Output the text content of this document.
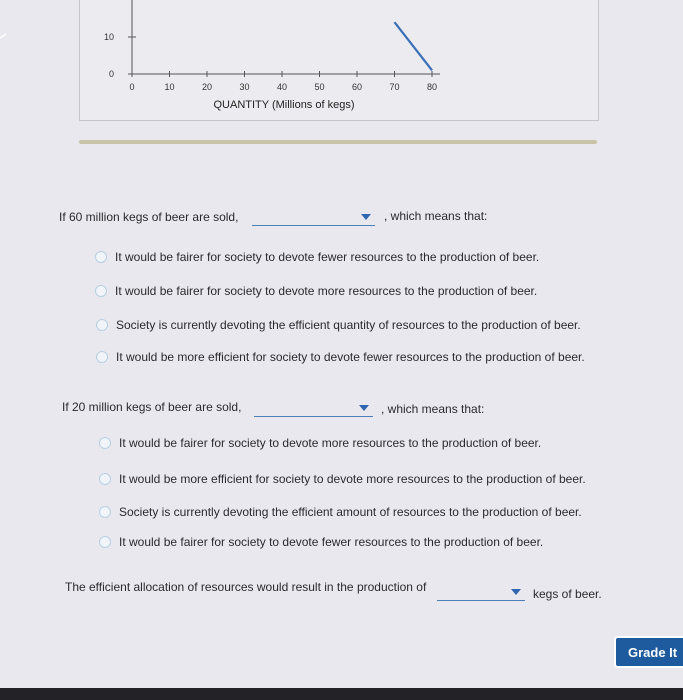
0	10	20	30	40	50	60	70	80
0
10
QUANTITY (Millions of kegs)
If 60 million kegs of beer are sold,	, which means that:
It would be fairer for society to devote fewer resources to the production of beer.
It would be fairer for society to devote more resources to the production of beer.
Society is currently devoting the efficient quantity of resources to the production of beer.
It would be more efficient for society to devote fewer resources to the production of beer.
If 20 million kegs of beer are sold,	, which means that:
It would be fairer for society to devote more resources to the production of beer.
It would be more efficient for society to devote more resources to the production of beer.
Society is currently devoting the efficient amount of resources to the production of beer.
It would be fairer for society to devote fewer resources to the production of beer.
The efficient allocation of resources would result in the production of	kegs of beer.
Grade It
